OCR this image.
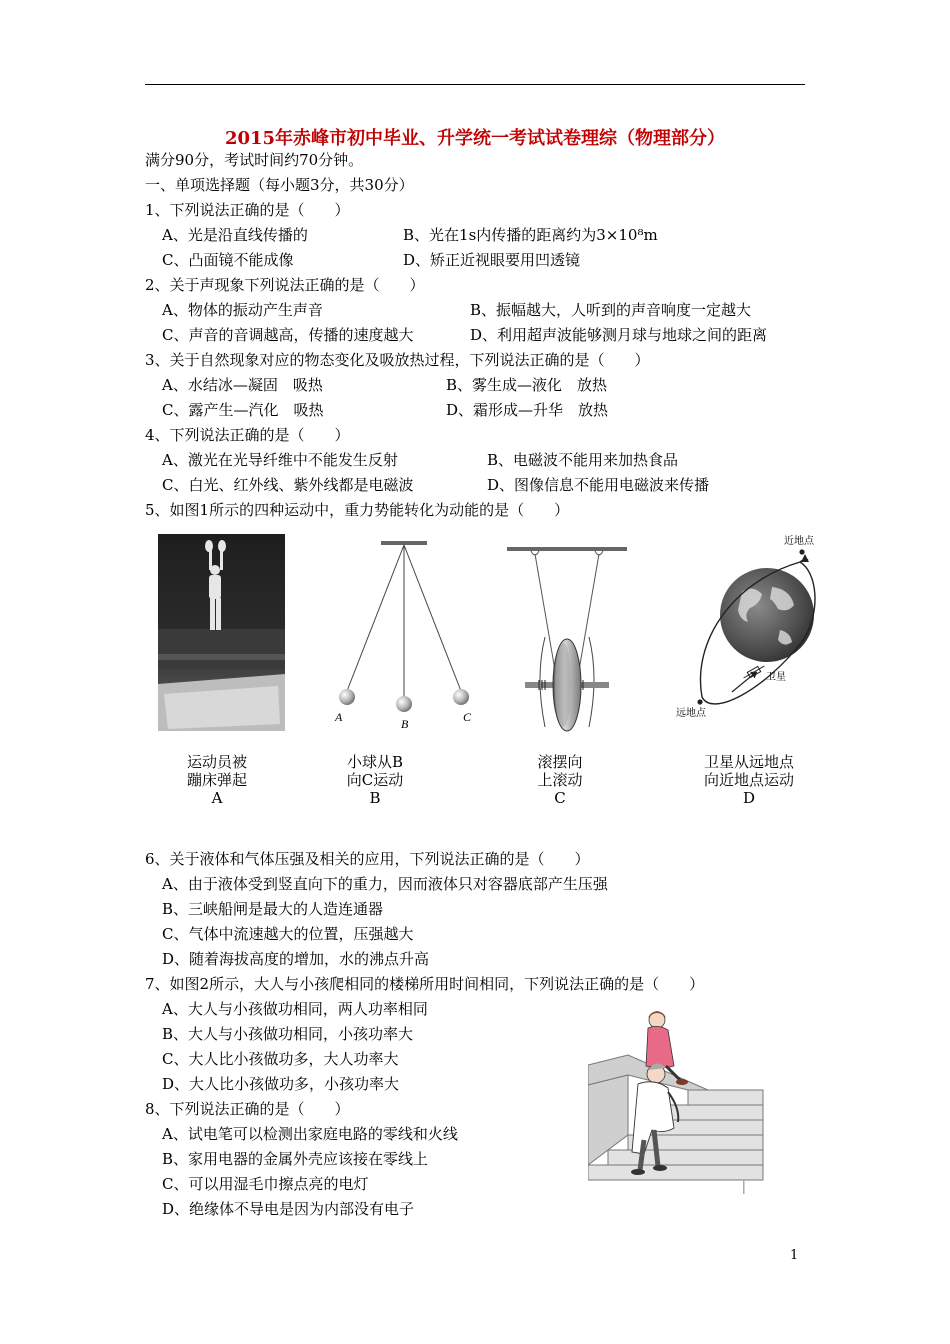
2015年赤峰市初中毕业、升学统一考试试卷理综（物理部分）
满分90分，考试时间约70分钟。
一、单项选择题（每小题3分，共30分）
1、下列说法正确的是（　　）
A、光是沿直线传播的	B、光在1s内传播的距离约为3×10⁸m
C、凸面镜不能成像	D、矫正近视眼要用凹透镜
2、关于声现象下列说法正确的是（　　）
A、物体的振动产生声音	B、振幅越大，人听到的声音响度一定越大
C、声音的音调越高，传播的速度越大	D、利用超声波能够测月球与地球之间的距离
3、关于自然现象对应的物态变化及吸放热过程，下列说法正确的是（　　）
A、水结冰—凝固　吸热	B、雾生成—液化　放热
C、露产生—汽化　吸热	D、霜形成—升华　放热
4、下列说法正确的是（　　）
A、激光在光导纤维中不能发生反射	B、电磁波不能用来加热食品
C、白光、红外线、紫外线都是电磁波	D、图像信息不能用电磁波来传播
5、如图1所示的四种运动中，重力势能转化为动能的是（　　）
运动员被
蹦床弹起
A
A	B	C
小球从B
向C运动
B
滚摆向
上滚动
C
近地点
远地点
卫星
卫星从远地点
向近地点运动
D
6、关于液体和气体压强及相关的应用，下列说法正确的是（　　）
A、由于液体受到竖直向下的重力，因而液体只对容器底部产生压强
B、三峡船闸是最大的人造连通器
C、气体中流速越大的位置，压强越大
D、随着海拔高度的增加，水的沸点升高
7、如图2所示，大人与小孩爬相同的楼梯所用时间相同，下列说法正确的是（　　）
A、大人与小孩做功相同，两人功率相同
B、大人与小孩做功相同，小孩功率大
C、大人比小孩做功多，大人功率大
D、大人比小孩做功多，小孩功率大
8、下列说法正确的是（　　）
A、试电笔可以检测出家庭电路的零线和火线
B、家用电器的金属外壳应该接在零线上
C、可以用湿毛巾擦点亮的电灯
D、绝缘体不导电是因为内部没有电子
1
